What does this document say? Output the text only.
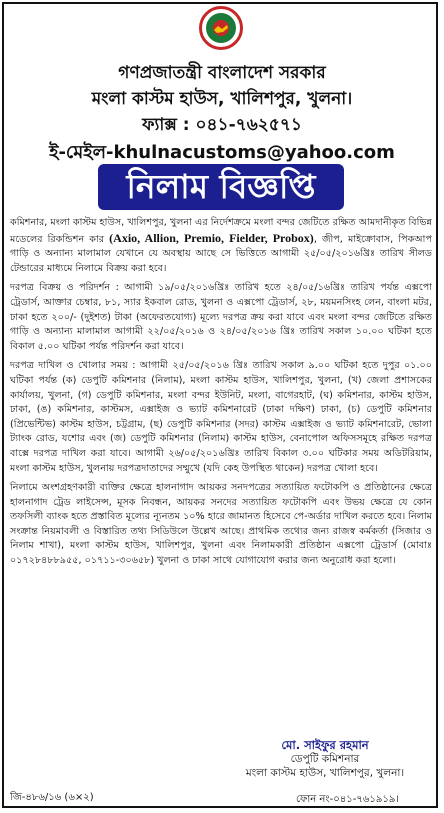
গণপ্রজাতন্ত্রী বাংলাদেশ সরকার
মংলা কাস্টম হাউস, খালিশপুর, খুলনা।
ফ্যাক্স : ০৪১-৭৬২৫৭১
ই-মেইল-khulnacustoms@yahoo.com
নিলাম বিজ্ঞপ্তি

কমিশনার, মংলা কাস্টম হাউস, খালিশপুর, খুলনা এর নির্দেশক্রমে মংলা বন্দর জেটিতে রক্ষিত আমদানীকৃত বিভিন্ন মডেলের রিকন্ডিশন কার (Axio, Allion, Premio, Fielder, Probox), জীপ, মাইক্রোবাস, পিকআপ গাড়ি ও অন্যান্য মালামাল যেখানে যে অবস্থায় আছে সে ভিত্তিতে আগামী ২৫/০৫/২০১৬খ্রিঃ তারিখ সীলড টেন্ডারের মাধ্যমে নিলামে বিক্রয় করা হবে।

দরপত্র বিক্রয় ও পরিদর্শন : আগামী ১৯/০৫/২০১৬খ্রিঃ তারিখ হতে ২৪/০৫/১৬খ্রিঃ তারিখ পর্যন্ত এক্সপো ট্রেডার্স, আক্তার চেম্বার, ৮১, স্যার ইকবাল রোড, খুলনা ও এক্সপো ট্রেডার্স, ২৮, ময়মনসিংহ লেন, বাংলা মটর, ঢাকা হতে ২০০/- (দুইশত) টাকা (অফেরতযোগ্য) মূল্যে দরপত্র ক্রয় করা যাবে এবং মংলা বন্দর জেটিতে রক্ষিত গাড়ি ও অন্যান্য মালামাল আগামী ২২/০৫/২০১৬ ও ২৪/০৫/২০১৬ খ্রিঃ তারিখ সকাল ১০.০০ ঘটিকা হতে বিকাল ৫.০০ ঘটিকা পর্যন্ত পরিদর্শন করা যাবে।

দরপত্র দাখিল ও খোলার সময় : আগামী ২৫/০৫/২০১৬ খ্রিঃ তারিখ সকাল ৯.০০ ঘটিকা হতে দুপুর ০১.০০ ঘটিকা পর্যন্ত (ক) ডেপুটি কমিশনার (নিলাম), মংলা কাস্টম হাউস, খালিশপুর, খুলনা, (খ) জেলা প্রশাসকের কার্যালয়, খুলনা, (গ) ডেপুটি কমিশনার, মংলা বন্দর ইউনিট, মংলা, বাগেরহাট, (ঘ) কমিশনার, কাস্টম হাউস, ঢাকা, (ঙ) কমিশনার, কাস্টমস, এক্সাইজ ও ভ্যাট কমিশনারেট (ঢাকা দক্ষিণ) ঢাকা, (চ) ডেপুটি কমিশনার (প্রিভেন্টিভ) কাস্টম হাউস, চট্টগ্রাম, (ছ) ডেপুটি কমিশনার (সদর) কাস্টম এক্সাইজ ও ভ্যাট কমিশনারেট, ভোলা ট্যাংক রোড, যশোর এবং (জ) ডেপুটি কমিশনার (নিলাম) কাস্টম হাউস, বেনাপোল অফিসসমূহে রক্ষিত দরপত্র বাক্সে দরপত্র দাখিল করা যাবে। আগামী ২৬/০৫/২০১৬খ্রিঃ তারিখ বিকাল ৩.০০ ঘটিকার সময় অডিটরিয়াম, মংলা কাস্টম হাউস, খুলনায় দরপত্রদাতাদের সম্মুখে (যদি কেহ উপস্থিত থাকেন) দরপত্র খোলা হবে।

নিলামে অংশগ্রহণকারী ব্যক্তির ক্ষেত্রে হালনাগাদ আয়কর সনদপত্রের সত্যায়িত ফটোকপি ও প্রতিষ্ঠানের ক্ষেত্রে হালনাগাদ ট্রেড লাইসেন্স, মূসক নিবন্ধন, আয়কর সনদের সত্যায়িত ফটোকপি এবং উভয় ক্ষেত্রে যে কোন তফসিলী ব্যাংক হতে প্রস্তাবিত মূল্যের ন্যূনতম ১০% হারে জামানত হিসেবে পে-অর্ডার দাখিল করতে হবে। নিলাম সংক্রান্ত নিয়মাবলী ও বিস্তারিত তথ্য সিডিউলে উল্লেখ আছে। প্রাথমিক তথ্যের জন্য রাজস্ব কর্মকর্তা (সিজার ও নিলাম শাখা), মংলা কাস্টম হাউস, খালিশপুর, খুলনা এবং নিলামকারী প্রতিষ্ঠান এক্সপো ট্রেডার্স (মোবাঃ ০১৭২৮৪৮৮৯৫৫, ০১৭১১-৩০৬৫৮) খুলনা ও ঢাকা সাথে যোগাযোগ করার জন্য অনুরোধ করা হলো।

মো. সাইফুর রহমান
ডেপুটি কমিশনার
মংলা কাস্টম হাউস, খালিশপুর, খুলনা।
জি-৪৮৬/১৬ (৬×২)	ফোন নং-০৪১-৭৬১৯১৯।
